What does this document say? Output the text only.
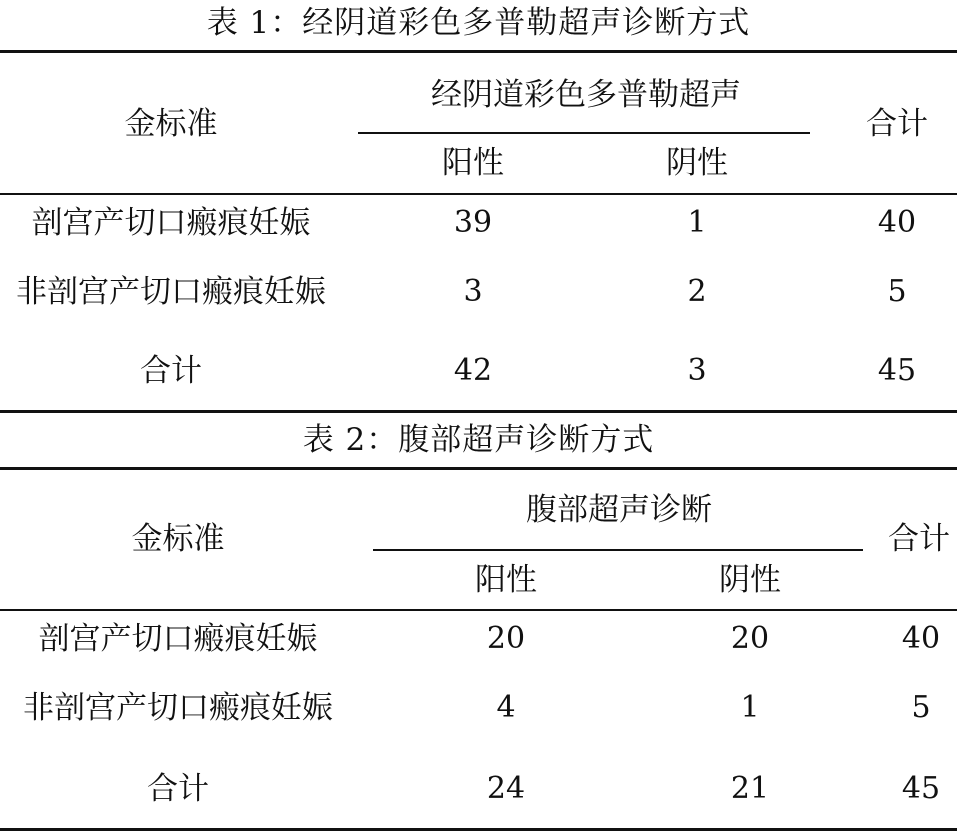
表 1：经阴道彩色多普勒超声诊断方式
金标准
经阴道彩色多普勒超声
合计
阳性	阴性
剖宫产切口瘢痕妊娠	39	1	40
非剖宫产切口瘢痕妊娠	3	2	5
合计	42	3	45
表 2：腹部超声诊断方式
金标准
腹部超声诊断
合计
阳性	阴性
剖宫产切口瘢痕妊娠	20	20	40
非剖宫产切口瘢痕妊娠	4	1	5
合计	24	21	45
